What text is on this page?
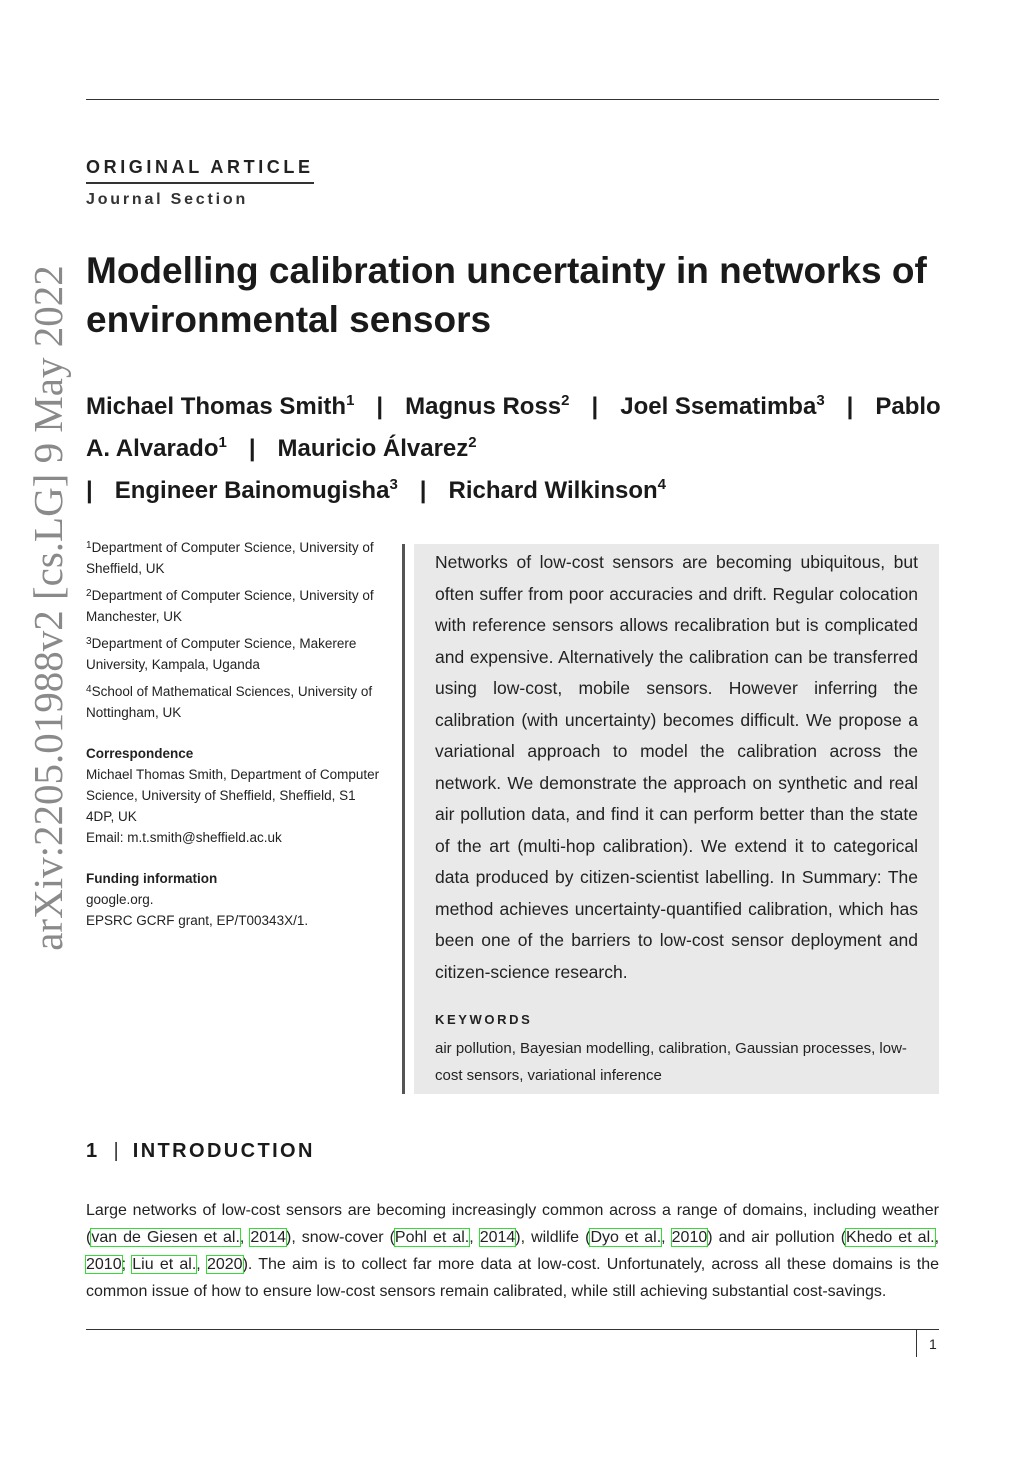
ORIGINAL ARTICLE
Journal Section
arXiv:2205.01988v2 [cs.LG] 9 May 2022 Modelling calibration uncertainty in networks of environmental sensors
Michael Thomas Smith$^1$ | Magnus Ross$^2$ | Joel Ssematimba$^3$ | Pablo A. Alvarado$^1$ | Mauricio Álvarez$^2$
| Engineer Bainomugisha$^3$ | Richard Wilkinson$^4$
$^1$Department of Computer Science, University of Sheffield, UK
$^2$Department of Computer Science, University of Manchester, UK
$^3$Department of Computer Science, Makerere University, Kampala, Uganda
$^4$School of Mathematical Sciences, University of Nottingham, UK
Correspondence
Michael Thomas Smith, Department of Computer Science, University of Sheffield, Sheffield, S1 4DP, UK
Email: m.t.smith@sheffield.ac.uk
Funding information
google.org.
EPSRC GCRF grant, EP/T00343X/1.

Networks of low-cost sensors are becoming ubiquitous, but often suffer from poor accuracies and drift. Regular colocation with reference sensors allows recalibration but is complicated and expensive. Alternatively the calibration can be transferred using low-cost, mobile sensors. However inferring the calibration (with uncertainty) becomes difficult. We propose a variational approach to model the calibration across the network. We demonstrate the approach on synthetic and real air pollution data, and find it can perform better than the state of the art (multi-hop calibration). We extend it to categorical data produced by citizen-scientist labelling. In Summary: The method achieves uncertainty-quantified calibration, which has been one of the barriers to low-cost sensor deployment and citizen-science research.

KEYWORDS
air pollution, Bayesian modelling, calibration, Gaussian processes, low-cost sensors, variational inference
1 | INTRODUCTION

Large networks of low-cost sensors are becoming increasingly common across a range of domains, including weather (van de Giesen et al., 2014), snow-cover (Pohl et al., 2014), wildlife (Dyo et al., 2010) and air pollution (Khedo et al., 2010; Liu et al., 2020). The aim is to collect far more data at low-cost. Unfortunately, across all these domains is the common issue of how to ensure low-cost sensors remain calibrated, while still achieving substantial cost-savings.

1
